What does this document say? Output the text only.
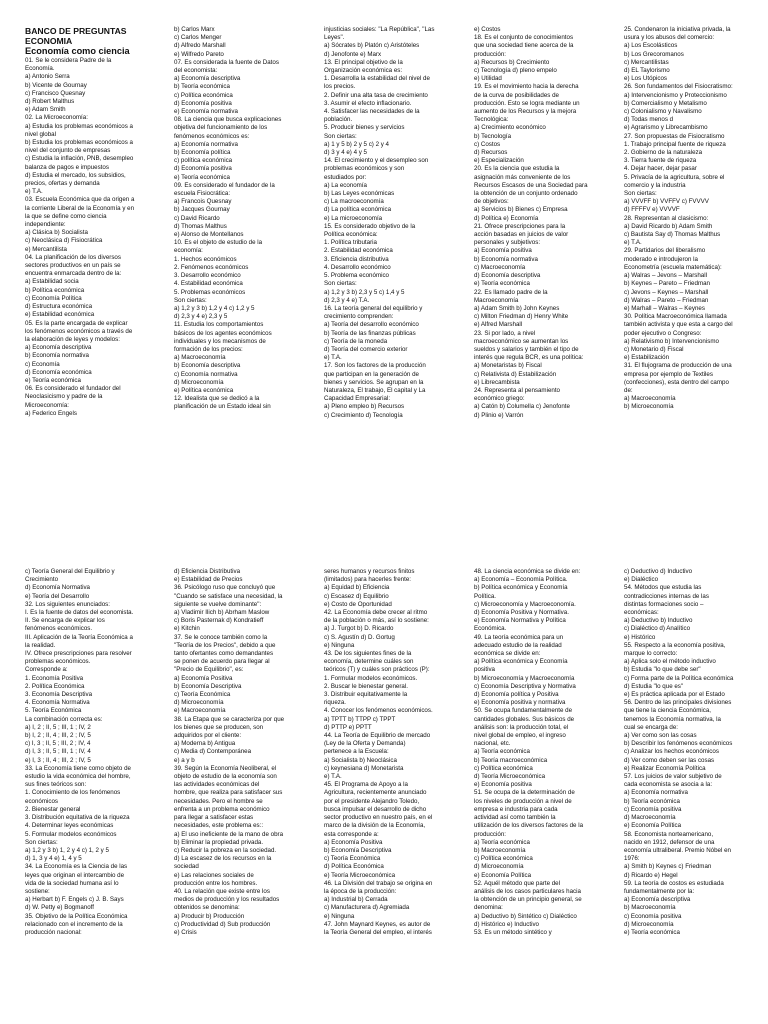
BANCO DE PREGUNTAS
ECONOMIA
Economía como ciencia
01. Se le considera Padre de la
Economía.
a) Antonio Serra
b) Vicente de Gournay
c) Francisco Quesnay
d) Robert Malthus
e) Adam Smith
02. La Microeconomía:
a) Estudia los problemas económicos a
nivel global
b) Estudia los problemas económicos a
nivel del conjunto de empresas
c) Estudia la inflación, PNB, desempleo
balanza de pagos e impuestos
d) Estudia el mercado, los subsidios,
precios, ofertas y demanda
e) T.A.
03. Escuela Económica que da origen a
la corriente Liberal de la Economía y en
la que se define como ciencia
independiente:
a) Clásica b) Socialista
c) Neoclásica d) Fisiocrática
e) Mercantilista
04. La planificación de los diversos
sectores productivos en un país se
encuentra enmarcada dentro de la:
a) Estabilidad socia
b) Política económica
c) Economía Política
d) Estructura económica
e) Estabilidad económica
05. Es la parte encargada de explicar
los fenómenos económicos a través de
la elaboración de leyes y modelos:
a) Economía descriptiva
b) Economía normativa
c) Economía
d) Economía económica
e) Teoría económica
06. Es considerado el fundador del
Neoclasicismo y padre de la
Microeconomía:
a) Federico Engels
b) Carlos Marx
c) Carlos Menger
d) Alfredo Marshall
e) Wilfredo Pareto
07. Es considerada la fuente de Datos
del economista:
a) Economía descriptiva
b) Teoría económica
c) Política económica
d) Economía positiva
e) Economía normativa
08. La ciencia que busca explicaciones
objetiva del funcionamiento de los
fenómenos económicos es:
a) Economía normativa
b) Economía política
c) política económica
d) Economía positiva
e) Teoría económica
09. Es considerado el fundador de la
escuela Fisiocrática:
a) Francois Quesnay
b) Jacques Gournay
c) David Ricardo
d) Thomas Malthus
e) Alonso de Montellanos
10. Es el objeto de estudio de la
economía:
1. Hechos económicos
2. Fenómenos económicos
3. Desarrollo económico
4. Estabilidad económica
5. Problemas económicos
Son ciertas:
a) 1,2 y 3 b) 1,2 y 4 c) 1,2 y 5
d) 2,3 y 4 e) 2,3 y 5
11. Estudia los comportamientos
básicos de los agentes económicos
individuales y los mecanismos de
formación de los precios:
a) Macroeconomía
b) Economía descriptiva
c) Economía normativa
d) Microeconomía
e) Política económica
12. Idealista que se dedicó a la
planificación de un Estado ideal sin
injusticias sociales: "La República", "Las
Leyes".
a) Sócrates b) Platón c) Aristóteles
d) Jenofonte e) Marx
13. El principal objetivo de la
Organización económica es:
1. Desarrolla la estabilidad del nivel de
los precios.
2. Definir una alta tasa de crecimiento
3. Asumir el efecto inflacionario.
4. Satisfacer las necesidades de la
población.
5. Producir bienes y servicios
Son ciertas:
a) 1 y 5 b) 2 y 5 c) 2 y 4
d) 3 y 4 e) 4 y 5
14. El crecimiento y el desempleo son
problemas económicos y son
estudiados por:
a) La economía
b) Las Leyes económicas
c) La macroeconomía
d) La política económica
e) La microeconomía
15. Es considerado objetivo de la
Política económica:
1. Política tributaria
2. Estabilidad económica
3. Eficiencia distributiva
4. Desarrollo económico
5. Problema económico
Son ciertas:
a) 1,2 y 3 b) 2,3 y 5 c) 1,4 y 5
d) 2,3 y 4 e) T.A.
16. La teoría general del equilibrio y
crecimiento comprenden:
a) Teoría del desarrollo económico
b) Teoría de las finanzas públicas
c) Teoría de la moneda
d) Teoría del comercio exterior
e) T.A.
17. Son los factores de la producción
que participan en la generación de
bienes y servicios. Se agrupan en la
Naturaleza, El trabajo, El capital y La
Capacidad Empresarial:
a) Pleno empleo b) Recursos
c) Crecimiento d) Tecnología
e) Costos
18. Es el conjunto de conocimientos
que una sociedad tiene acerca de la
producción:
a) Recursos b) Crecimiento
c) Tecnología d) pleno empelo
e) Utilidad
19. Es el movimiento hacia la derecha
de la curva de posibilidades de
producción. Esto se logra mediante un
aumento de los Recursos y la mejora
Tecnológica:
a) Crecimiento económico
b) Tecnología
c) Costos
d) Recursos
e) Especialización
20. Es la ciencia que estudia la
asignación más conveniente de los
Recursos Escasos de una Sociedad para
la obtención de un conjunto ordenado
de objetivos:
a) Servicios b) Bienes c) Empresa
d) Política e) Economía
21. Ofrece prescripciones para la
acción basadas en juicios de valor
personales y subjetivos:
a) Economía positiva
b) Economía normativa
c) Macroeconomía
d) Economía descriptiva
e) Teoría económica
22. Es llamado padre de la
Macroeconomía
a) Adam Smith b) John Keynes
c) Milton Friedman d) Henry White
e) Alfred Marshall
23. Si por lado, a nivel
macroeconómico se aumentan los
sueldos y salarios y también el tipo de
interés que regula BCR, es una política:
a) Monetaristas b) Fiscal
c) Relativista d) Estabilización
e) Librecambista
24. Representa al pensamiento
económico griego:
a) Catón b) Columella c) Jenofonte
d) Plinio e) Varrón
25. Condenaron la iniciativa privada, la
usura y los abusos del comercio:
a) Los Escolásticos
b) Los Grecoromanos
c) Mercantilistas
d) EL Taylorismo
e) Los Utópicos
26. Son fundamentos del Fisiocratismo:
a) Intervencionismo y Proteccionismo
b) Comercialismo y Metalismo
c) Colonialismo y Navalismo
d) Todas menos d
e) Agrarismo y Librecambismo
27. Son propuestas de Fisiocratismo
1. Trabajo principal fuente de riqueza
2. Gobierno de la naturaleza
3. Tierra fuente de riqueza
4. Dejar hacer, dejar pasar
5. Privacía de la agricultura, sobre el
comercio y la industria
Son ciertas:
a) VVVFF b) VVFFV c) FVVVV
d) FFFFV e) VVVVF
28. Representan al clasicismo:
a) David Ricardo b) Adam Smith
c) Bautista Say d) Thomas Malthus
e) T.A.
29. Partidarios del liberalismo
moderado e introdujeron la
Econometría (escuela matemática):
a) Walras – Jevons – Marshall
b) Keynes – Pareto – Friedman
c) Jevons – Keynes – Marshall
d) Walras – Pareto – Friedman
e) Marhall – Walras – Keynes
30. Política Macroeconómica llamada
también activista y que esta a cargo del
poder ejecutivo o Congreso:
a) Relativismo b) Intervencionismo
c) Monetario d) Fiscal
e) Estabilización
31. El flujograma de producción de una
empresa por ejemplo de Textiles
(confecciones), esta dentro del campo
de:
a) Macroeconomía
b) Microeconomía
c) Teoría General del Equilibrio y
Crecimiento
d) Economía Normativa
e) Teoría del Desarrollo
32. Los siguientes enunciados:
I. Es la fuente de datos del economista.
II. Se encarga de explicar los
fenómenos económicos.
III. Aplicación de la Teoría Económica a
la realidad.
IV. Ofrece prescripciones para resolver
problemas económicos.
Corresponde a:
1. Economía Positiva
2. Política Económica
3. Economía Descriptiva
4. Economía Normativa
5. Teoría Económica
La combinación correcta es:
a) I, 2 ; II, 5 ; III, 1 ; IV, 2
b) I, 2 ; II, 4 ; III, 2 ; IV, 5
c) I, 3 ; II, 5 ; III, 2 ; IV, 4
d) I, 3 ; II, 5 ; III, 1 ; IV, 4
e) I, 3 ; II, 4 ; III, 2 ; IV, 5
33. La Economía tiene como objeto de
estudio la vida económica del hombre,
sus fines teóricos son:
1. Conocimiento de los fenómenos
económicos
2. Bienestar general
3. Distribución equitativa de la riqueza
4. Determinar leyes económicas
5. Formular modelos económicos
Son ciertas:
a) 1,2 y 3 b) 1, 2 y 4 c) 1, 2 y 5
d) 1, 3 y 4 e) 1, 4 y 5
34. La Economía es la Ciencia de las
leyes que originan el intercambio de
vida de la sociedad humana así lo
sostiene:
a) Herbart b) F. Engels c) J. B. Says
d) W. Petty e) Bogmanoff
35. Objetivo de la Política Económica
relacionado con el incremento de la
producción nacional:
d) Eficiencia Distributiva
e) Estabilidad de Precios
36. Psicólogo ruso que concluyó que
"Cuando se satisface una necesidad, la
siguiente se vuelve dominante":
a) Vladimir Ilich b) Abrham Maslow
c) Boris Pasternak d) Kondratieff
e) Kitchin
37. Se le conoce también como la
"Teoría de los Precios", debido a que
tanto ofertantes como demandantes
se ponen de acuerdo para llegar al
"Precio de Equilibrio", es:
a) Economía Positiva
b) Economía Descriptiva
c) Teoría Económica
d) Microeconomía
e) Macroeconomía
38. La Etapa que se caracteriza por que
los bienes que se producen, son
adquiridos por el cliente:
a) Moderna b) Antigua
c) Media d) Contemporánea
e) a y b
39. Según la Economía Neoliberal, el
objeto de estudio de la economía son
las actividades económicas del
hombre, que realiza para satisfacer sus
necesidades. Pero el hombre se
enfrenta a un problema económico
para llegar a satisfacer estas
necesidades, este problema es::
a) El uso ineficiente de la mano de obra
b) Eliminar la propiedad privada.
c) Reducir la pobreza en la sociedad.
d) La escasez de los recursos en la
sociedad
e) Las relaciones sociales de
producción entre los hombres.
40. La relación que existe entre los
medios de producción y los resultados
obtenidos se denomina:
a) Producir b) Producción
c) Productividad d) Sub producción
e) Crisis
seres humanos y recursos finitos
(limitados) para hacerles frente:
a) Equidad b) Eficiencia
c) Escasez d) Equilibrio
e) Costo de Oportunidad
42. La Economía debe crecer al ritmo
de la población o más, así lo sostiene:
a) J. Turgot b) D. Ricardo
c) S. Agustín d) D. Gortug
e) Ninguna
43. De los siguientes fines de la
economía, determine cuáles son
teóricos (T) y cuáles son prácticos (P):
1. Formular modelos económicos.
2. Buscar le bienestar general.
3. Distribuir equitativamente la
riqueza.
4. Conocer los fenómenos económicos.
a) TPTT b) TTPP c) TPPT
d) PTTP e) PPTT
44. La Teoría de Equilibrio de mercado
(Ley de la Oferta y Demanda)
pertenece a la Escuela:
a) Socialista b) Neoclásica
c) keynesiana d) Monetarista
e) T.A.
45. El Programa de Apoyo a la
Agricultura, recientemente anunciado
por el presidente Alejandro Toledo,
busca impulsar el desarrollo de dicho
sector productivo en nuestro país, en el
marco de la división de la Economía,
esta corresponde a:
a) Economía Positiva
b) Economía Descriptiva
c) Teoría Económica
d) Política Económica
e) Teoría Microeconómica
46. La División del trabajo se origina en
la época de la producción:
a) Industrial b) Cerrada
c) Manufacturera d) Agremiada
e) Ninguna
47. John Maynard Keynes, es autor de
la Teoría General del empleo, el interés
48. La ciencia económica se divide en:
a) Economía – Economía Política.
b) Política económica y Economía
Política.
c) Microeconomía y Macroeconomía.
d) Economía Positiva y Normativa.
e) Economía Normativa y Política
Económica.
49. La teoría económica para un
adecuado estudio de la realidad
económica se divide en:
a) Política económica y Economía
positiva
b) Microeconomía y Macroeconomía
c) Economía Descriptiva y Normativa
d) Economía política y Positiva
e) Economía positiva y normativa
50. Se ocupa fundamentalmente de
cantidades globales. Sus básicos de
análisis son: la producción total, el
nivel global de empleo, el ingreso
nacional, etc.
a) Teoría económica
b) Teoría macroeconómica
c) Política económica
d) Teoría Microeconómica
e) Economía positiva
51. Se ocupa de la determinación de
los niveles de producción a nivel de
empresa e industria para cada
actividad así como también la
utilización de los diversos factores de la
producción:
a) Teoría económica
b) Macroeconomía
c) Política económica
d) Microeconomía
e) Economía Política
52. Aquél método que parte del
análisis de los casos particulares hacia
la obtención de un principio general, se
denomina:
a) Deductivo b) Sintético c) Dialéctico
d) Histórico e) Inductivo
53. Es un método sintético y
c) Deductivo d) Inductivo
e) Dialéctico
54. Métodos que estudia las
contradicciones internas de las
distintas formaciones socio –
económicas:
a) Deductivo b) Inductivo
c) Dialéctico d) Analítico
e) Histórico
55. Respecto a la economía positiva,
marque lo correcto:
a) Aplica solo el método inductivo
b) Estudia "lo que debe ser"
c) Forma parte de la Política económica
d) Estudia "lo que es"
e) Es práctica aplicada por el Estado
56. Dentro de las principales divisiones
que tiene la ciencia Económica,
tenemos la Economía normativa, la
cual se encarga de:
a) Ver como son las cosas
b) Describir los fenómenos económicos
c) Analizar los hechos económicos
d) Ver como deben ser las cosas
e) Realizar Economía Política
57. Los juicios de valor subjetivo de
cada economista se asocia a la:
a) Economía normativa
b) Teoría económica
c) Economía positiva
d) Macroeconomía
e) Economía Política
58. Economista norteamericano,
nacido en 1912, defensor de una
economía ultraliberal. Premio Nóbel en
1976:
a) Smith b) Keynes c) Friedman
d) Ricardo e) Hegel
59. La teoría de costos es estudiada
fundamentalmente por la:
a) Economía descriptiva
b) Macroeconomía
c) Economía positiva
d) Microeconomía
e) Teoría económica
